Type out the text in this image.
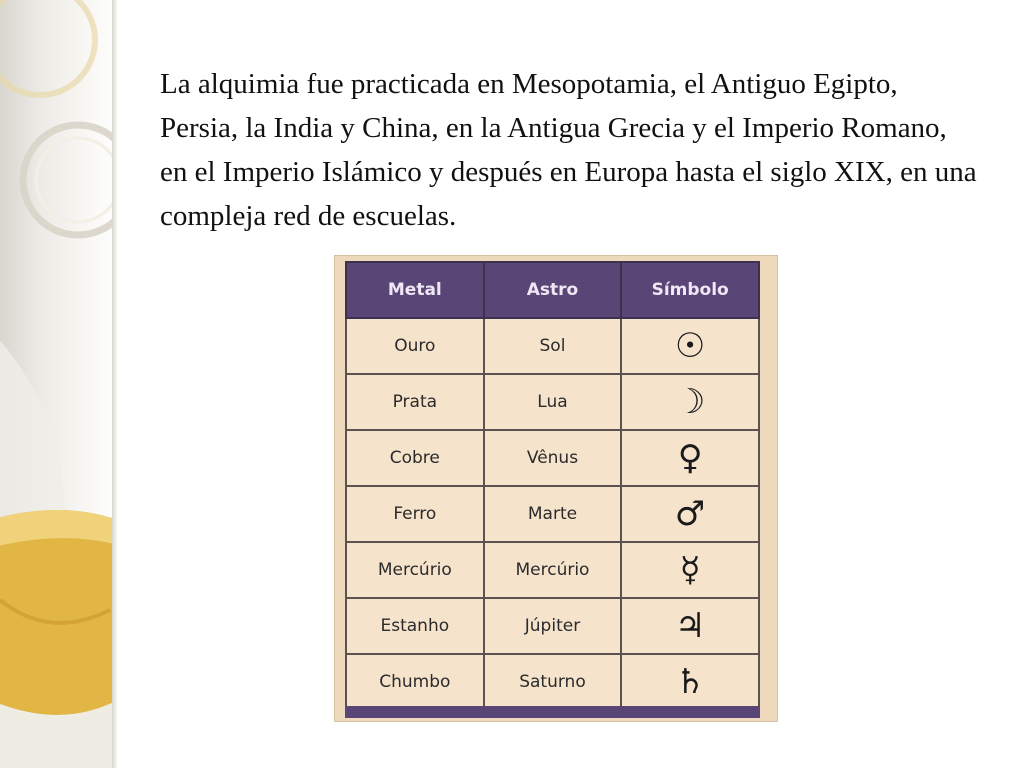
La alquimia fue practicada en Mesopotamia, el Antiguo Egipto, Persia, la India y China, en la Antigua Grecia y el Imperio Romano, en el Imperio Islámico y después en Europa hasta el siglo XIX, en una compleja red de escuelas.

Metal	Astro	Símbolo
Ouro	Sol	☉
Prata	Lua	☽
Cobre	Vênus	♀
Ferro	Marte	♂
Mercúrio	Mercúrio	☿
Estanho	Júpiter	♃
Chumbo	Saturno	♄
